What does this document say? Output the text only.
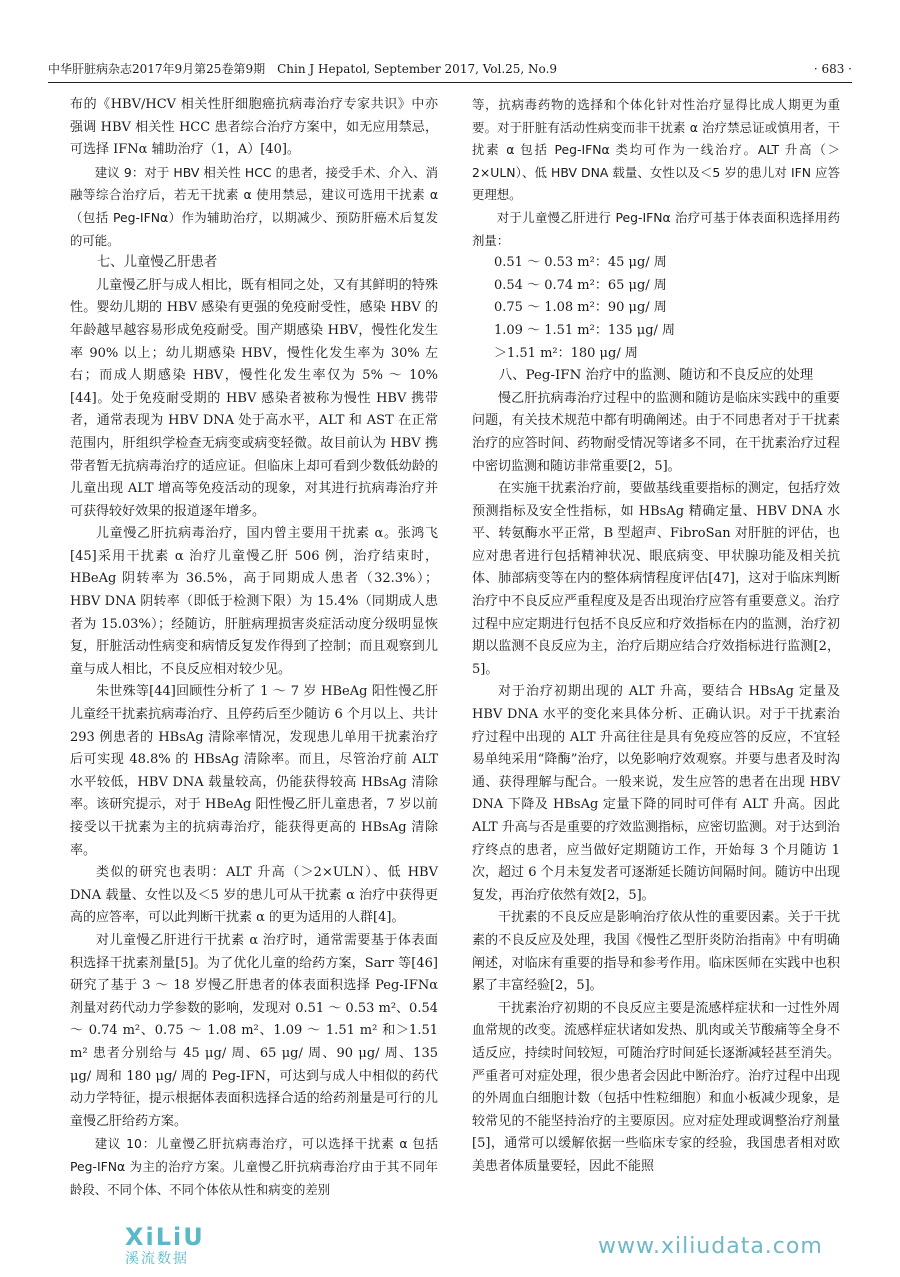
中华肝脏病杂志2017年9月第25卷第9期　Chin J Hepatol, September 2017, Vol.25, No.9	· 683 ·

布的《HBV/HCV 相关性肝细胞癌抗病毒治疗专家共识》中亦强调 HBV 相关性 HCC 患者综合治疗方案中，如无应用禁忌，可选择 IFNα 辅助治疗（1，A）[40]。

建议 9：对于 HBV 相关性 HCC 的患者，接受手术、介入、消融等综合治疗后，若无干扰素 α 使用禁忌，建议可选用干扰素 α（包括 Peg-IFNα）作为辅助治疗，以期减少、预防肝癌术后复发的可能。

七、儿童慢乙肝患者

儿童慢乙肝与成人相比，既有相同之处，又有其鲜明的特殊性。婴幼儿期的 HBV 感染有更强的免疫耐受性，感染 HBV 的年龄越早越容易形成免疫耐受。围产期感染 HBV，慢性化发生率 90% 以上；幼儿期感染 HBV，慢性化发生率为 30% 左右；而成人期感染 HBV，慢性化发生率仅为 5% ～ 10%[44]。处于免疫耐受期的 HBV 感染者被称为慢性 HBV 携带者，通常表现为 HBV DNA 处于高水平，ALT 和 AST 在正常范围内，肝组织学检查无病变或病变轻微。故目前认为 HBV 携带者暂无抗病毒治疗的适应证。但临床上却可看到少数低幼龄的儿童出现 ALT 增高等免疫活动的现象，对其进行抗病毒治疗并可获得较好效果的报道逐年增多。

儿童慢乙肝抗病毒治疗，国内曾主要用干扰素 α。张鸿飞[45]采用干扰素 α 治疗儿童慢乙肝 506 例，治疗结束时，HBeAg 阴转率为 36.5%，高于同期成人患者（32.3%）；HBV DNA 阴转率（即低于检测下限）为 15.4%（同期成人患者为 15.03%）；经随访，肝脏病理损害炎症活动度分级明显恢复，肝脏活动性病变和病情反复发作得到了控制；而且观察到儿童与成人相比，不良反应相对较少见。

朱世殊等[44]回顾性分析了 1 ～ 7 岁 HBeAg 阳性慢乙肝儿童经干扰素抗病毒治疗、且停药后至少随访 6 个月以上、共计 293 例患者的 HBsAg 清除率情况，发现患儿单用干扰素治疗后可实现 48.8% 的 HBsAg 清除率。而且，尽管治疗前 ALT 水平较低，HBV DNA 载量较高，仍能获得较高 HBsAg 清除率。该研究提示，对于 HBeAg 阳性慢乙肝儿童患者，7 岁以前接受以干扰素为主的抗病毒治疗，能获得更高的 HBsAg 清除率。

类似的研究也表明：ALT 升高（＞2×ULN）、低 HBV DNA 载量、女性以及＜5 岁的患儿可从干扰素 α 治疗中获得更高的应答率，可以此判断干扰素 α 的更为适用的人群[4]。

对儿童慢乙肝进行干扰素 α 治疗时，通常需要基于体表面积选择干扰素剂量[5]。为了优化儿童的给药方案，Sarr 等[46]研究了基于 3 ～ 18 岁慢乙肝患者的体表面积选择 Peg-IFNα 剂量对药代动力学参数的影响，发现对 0.51 ～ 0.53 m²、0.54 ～ 0.74 m²、0.75 ～ 1.08 m²、1.09 ～ 1.51 m² 和＞1.51 m² 患者分别给与 45 μg/ 周、65 μg/ 周、90 μg/ 周、135 μg/ 周和 180 μg/ 周的 Peg-IFN，可达到与成人中相似的药代动力学特征，提示根据体表面积选择合适的给药剂量是可行的儿童慢乙肝给药方案。

建议 10：儿童慢乙肝抗病毒治疗，可以选择干扰素 α 包括 Peg-IFNα 为主的治疗方案。儿童慢乙肝抗病毒治疗由于其不同年龄段、不同个体、不同个体依从性和病变的差别

等，抗病毒药物的选择和个体化针对性治疗显得比成人期更为重要。对于肝脏有活动性病变而非干扰素 α 治疗禁忌证或慎用者，干扰素 α 包括 Peg-IFNα 类均可作为一线治疗。ALT 升高（＞2×ULN）、低 HBV DNA 载量、女性以及＜5 岁的患儿对 IFN 应答更理想。

对于儿童慢乙肝进行 Peg-IFNα 治疗可基于体表面积选择用药剂量：

0.51 ～ 0.53 m²：45 μg/ 周
0.54 ～ 0.74 m²：65 μg/ 周
0.75 ～ 1.08 m²：90 μg/ 周
1.09 ～ 1.51 m²：135 μg/ 周
＞1.51 m²：180 μg/ 周
八、Peg-IFN 治疗中的监测、随访和不良反应的处理

慢乙肝抗病毒治疗过程中的监测和随访是临床实践中的重要问题，有关技术规范中都有明确阐述。由于不同患者对于干扰素治疗的应答时间、药物耐受情况等诸多不同，在干扰素治疗过程中密切监测和随访非常重要[2，5]。

在实施干扰素治疗前，要做基线重要指标的测定，包括疗效预测指标及安全性指标，如 HBsAg 精确定量、HBV DNA 水平、转氨酶水平正常，B 型超声、FibroSan 对肝脏的评估，也应对患者进行包括精神状况、眼底病变、甲状腺功能及相关抗体、肺部病变等在内的整体病情程度评估[47]，这对于临床判断治疗中不良反应严重程度及是否出现治疗应答有重要意义。治疗过程中应定期进行包括不良反应和疗效指标在内的监测，治疗初期以监测不良反应为主，治疗后期应结合疗效指标进行监测[2，5]。

对于治疗初期出现的 ALT 升高，要结合 HBsAg 定量及 HBV DNA 水平的变化来具体分析、正确认识。对于干扰素治疗过程中出现的 ALT 升高往往是具有免疫应答的反应，不宜轻易单纯采用“降酶”治疗，以免影响疗效观察。并要与患者及时沟通、获得理解与配合。一般来说，发生应答的患者在出现 HBV DNA 下降及 HBsAg 定量下降的同时可伴有 ALT 升高。因此 ALT 升高与否是重要的疗效监测指标，应密切监测。对于达到治疗终点的患者，应当做好定期随访工作，开始每 3 个月随访 1 次，超过 6 个月未复发者可逐渐延长随访间隔时间。随访中出现复发，再治疗依然有效[2，5]。

干扰素的不良反应是影响治疗依从性的重要因素。关于干扰素的不良反应及处理，我国《慢性乙型肝炎防治指南》中有明确阐述，对临床有重要的指导和参考作用。临床医师在实践中也积累了丰富经验[2，5]。

干扰素治疗初期的不良反应主要是流感样症状和一过性外周血常规的改变。流感样症状诸如发热、肌肉或关节酸痛等全身不适反应，持续时间较短，可随治疗时间延长逐渐减轻甚至消失。严重者可对症处理，很少患者会因此中断治疗。治疗过程中出现的外周血白细胞计数（包括中性粒细胞）和血小板减少现象，是较常见的不能坚持治疗的主要原因。应对症处理或调整治疗剂量[5]，通常可以缓解依据一些临床专家的经验，我国患者相对欧美患者体质量要轻，因此不能照

XiLiU
溪流数据	www.xiliudata.com
